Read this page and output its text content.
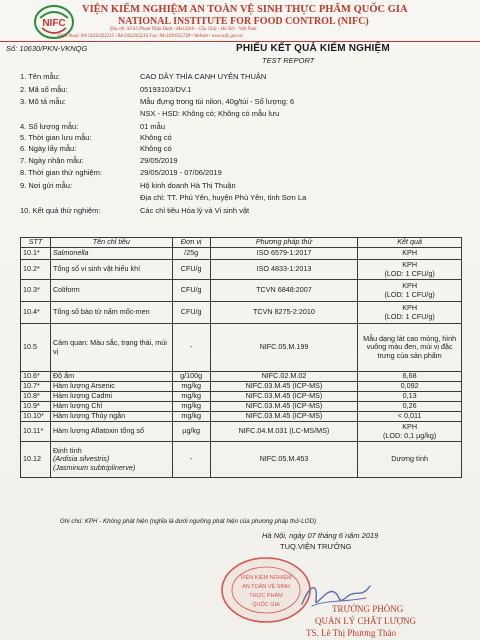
NIFC
VIỆN KIỂM NGHIỆM AN TOÀN VỆ SINH THỰC PHẨM QUỐC GIA
NATIONAL INSTITUTE FOR FOOD CONTROL (NIFC)
Địa chỉ: Số 65 Phạm Thận Duật - Mai Dịch - Cầu Giấy - Hà Nội - Việt Nam
Điện thoại: 84-24332262215 / 84-2432262216 Fax: 84-2439335738 • Website: www.nifc.gov.vn
Số: 10630/PKN-VKNQG	PHIẾU KẾT QUẢ KIỂM NGHIỆM
TEST REPORT
1. Tên mẫu:	CAO DÂY THÌA CANH UYÊN THUẬN
2. Mã số mẫu:	05193103/DV.1
3. Mô tả mẫu:	Mẫu đựng trong túi nilon, 40g/túi - Số lượng: 6
NSX - HSD: Không có; Không có mẫu lưu
4. Số lượng mẫu:	01 mẫu
5. Thời gian lưu mẫu:	Không có
6. Ngày lấy mẫu:	Không có
7. Ngày nhận mẫu:	29/05/2019
8. Thời gian thử nghiệm:	29/05/2019 - 07/06/2019
9. Nơi gửi mẫu:	Hộ kinh doanh Hà Thị Thuận
Địa chỉ: TT. Phú Yên, huyện Phù Yên, tỉnh Sơn La
10. Kết quả thử nghiệm:	Các chỉ tiêu Hóa lý và Vi sinh vật
STT	Tên chỉ tiêu	Đơn vị	Phương pháp thử	Kết quả
10.1*	Salmonella	/25g	ISO 6579-1:2017	KPH
10.2*	Tổng số vi sinh vật hiếu khí	CFU/g	ISO 4833-1:2013	KPH
(LOD: 1 CFU/g)

10.3*	Coliform	CFU/g	TCVN 6848:2007	KPH
(LOD: 1 CFU/g)

10.4*	Tổng số bào tử nấm mốc-men	CFU/g	TCVN 8275-2:2010	KPH
(LOD: 1 CFU/g)

10.5	Cảm quan: Màu sắc, trạng thái, mùi vị	-	NIFC.05.M.199	Mẫu dạng lát cao mỏng, hình vuông màu đen, mùi vị đặc trưng của sản phẩm
10.6*	Độ ẩm	g/100g	NIFC.02.M.02	6,68
10.7*	Hàm lượng Arsenic	mg/kg	NIFC.03.M.45 (ICP-MS)	0,092
10.8*	Hàm lượng Cadmi	mg/kg	NIFC.03.M.45 (ICP-MS)	0,13
10.9*	Hàm lượng Chì	mg/kg	NIFC.03.M.45 (ICP-MS)	0,26
10.10*	Hàm lượng Thủy ngân	mg/kg	NIFC.03.M.45 (ICP-MS)	< 0,011
10.11*	Hàm lượng Aflatoxin tổng số	µg/kg	NIFC.04.M.031 (LC-MS/MS)	KPH
(LOD: 0,1 µg/kg)

10.12	Định tính
(Ardisia silvestris)
(Jasminum subtriplinerve)	-	NIFC.05.M.453	Dương tính
Ghi chú: KPH - Không phát hiện (nghĩa là dưới ngưỡng phát hiện của phương pháp thử-LOD)
Hà Nội, ngày 07 tháng 6 năm 2019
TUQ.VIỆN TRƯỞNG
VIỆN KIỂM NGHIỆM
AN TOÀN VỆ SINH
THỰC PHẨM
QUỐC GIA	TRƯỞNG PHÒNG
QUẢN LÝ CHẤT LƯỢNG
TS. Lê Thị Phương Thảo
